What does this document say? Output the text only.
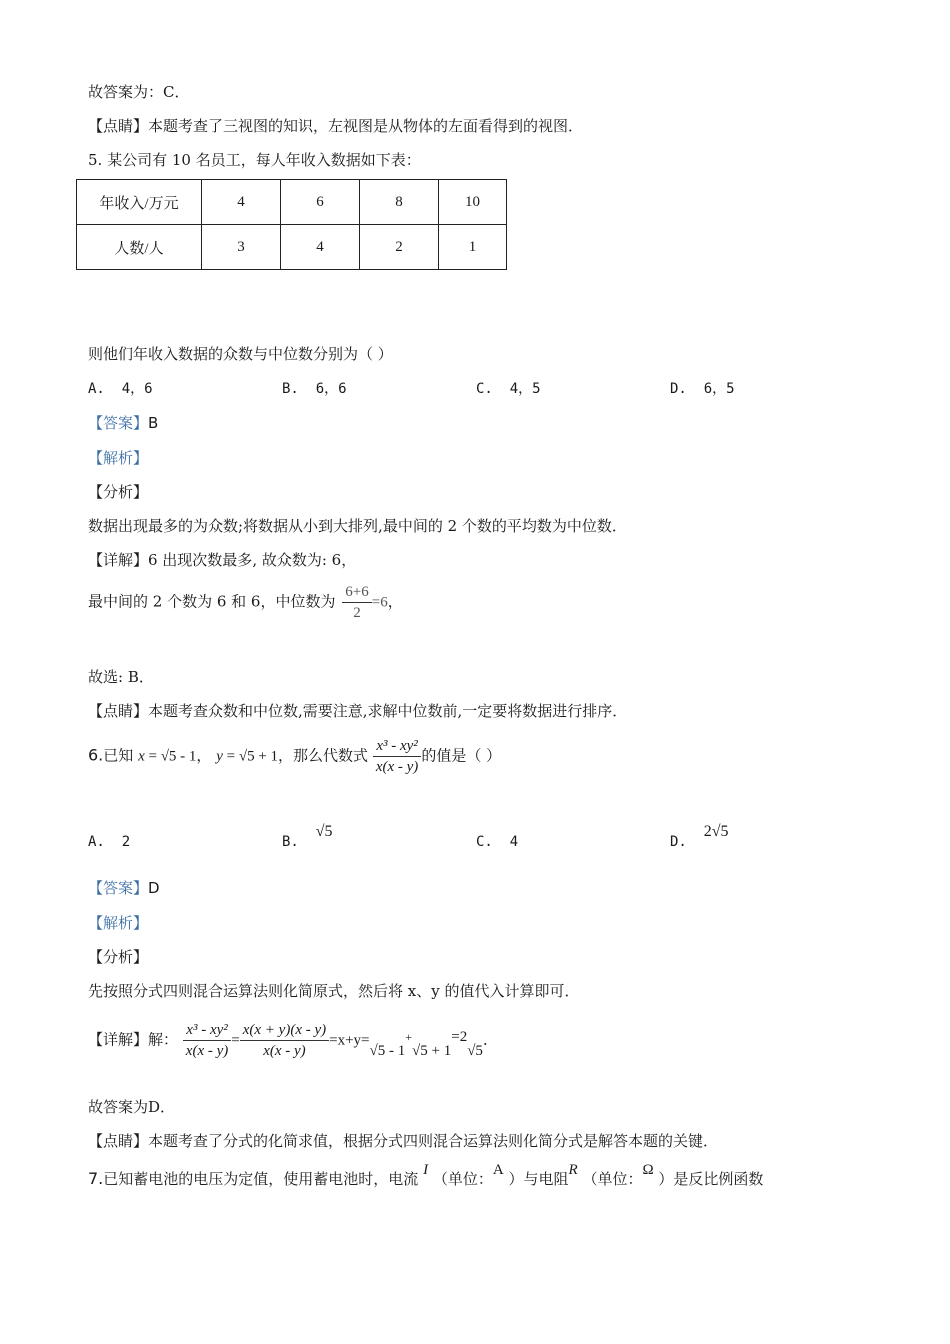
故答案为：C．
【点睛】本题考查了三视图的知识，左视图是从物体的左面看得到的视图．
5. 某公司有 10 名员工，每人年收入数据如下表：
年收入/万元	4	6	8	10
人数/人	3	4	2	1
则他们年收入数据的众数与中位数分别为（ ）
A. 4，6	B. 6，6	C. 4，5	D. 6，5
【答案】B
【解析】
【分析】
数据出现最多的为众数;将数据从小到大排列,最中间的 2 个数的平均数为中位数．
【详解】6 出现次数最多, 故众数为: 6，
最中间的 2 个数为 6 和 6，中位数为 $\frac{6+6}{2} =6$，
故选: B．
【点睛】本题考查众数和中位数,需要注意,求解中位数前,一定要将数据进行排序．
6.已知 x = √5 - 1， y = √5 + 1，那么代数式 $\frac{\text{x³ - xy²}}{x(x - y)}$ 的值是（ ）
A. 2	B.  √5
C. 4	D.  2√5
【答案】D
【解析】
【分析】
先按照分式四则混合运算法则化简原式，然后将 x、y 的值代入计算即可．
【详解】解： $\frac{\text{x³ - xy²}}{x(x - y)} = \frac{x(x + y)(x - y)}{x(x - y)} =x+y=√5 - 1^+√5 + 1=2√5$．
故答案为D．
【点睛】本题考查了分式的化简求值，根据分式四则混合运算法则化简分式是解答本题的关键．
7.已知蓄电池的电压为定值，使用蓄电池时，电流 I （单位：A ）与电阻R （单位：Ω ）是反比例函数
